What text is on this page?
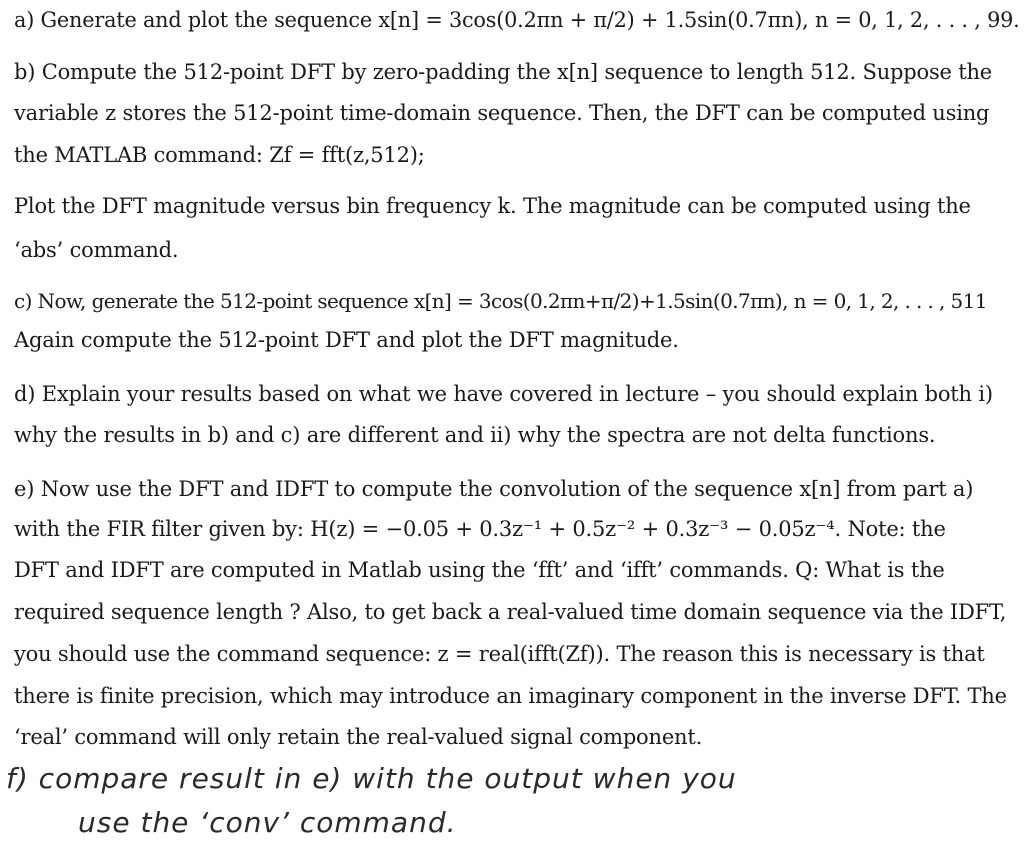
a) Generate and plot the sequence x[n] = 3cos(0.2πn + π/2) + 1.5sin(0.7πn), n = 0, 1, 2, . . . , 99.
b) Compute the 512-point DFT by zero-padding the x[n] sequence to length 512. Suppose the
variable z stores the 512-point time-domain sequence. Then, the DFT can be computed using
the MATLAB command: Zf = fft(z,512);
Plot the DFT magnitude versus bin frequency k. The magnitude can be computed using the
‘abs’ command.
c) Now, generate the 512-point sequence x[n] = 3cos(0.2πn+π/2)+1.5sin(0.7πn), n = 0, 1, 2, . . . , 511
Again compute the 512-point DFT and plot the DFT magnitude.
d) Explain your results based on what we have covered in lecture – you should explain both i)
why the results in b) and c) are different and ii) why the spectra are not delta functions.
e) Now use the DFT and IDFT to compute the convolution of the sequence x[n] from part a)
with the FIR filter given by: H(z) = −0.05 + 0.3z⁻¹ + 0.5z⁻² + 0.3z⁻³ − 0.05z⁻⁴. Note: the
DFT and IDFT are computed in Matlab using the ‘fft’ and ‘ifft’ commands. Q: What is the
required sequence length ? Also, to get back a real-valued time domain sequence via the IDFT,
you should use the command sequence: z = real(ifft(Zf)). The reason this is necessary is that
there is finite precision, which may introduce an imaginary component in the inverse DFT. The
‘real’ command will only retain the real-valued signal component.
f) compare result in e) with the output when you
use the ‘conv’ command.
